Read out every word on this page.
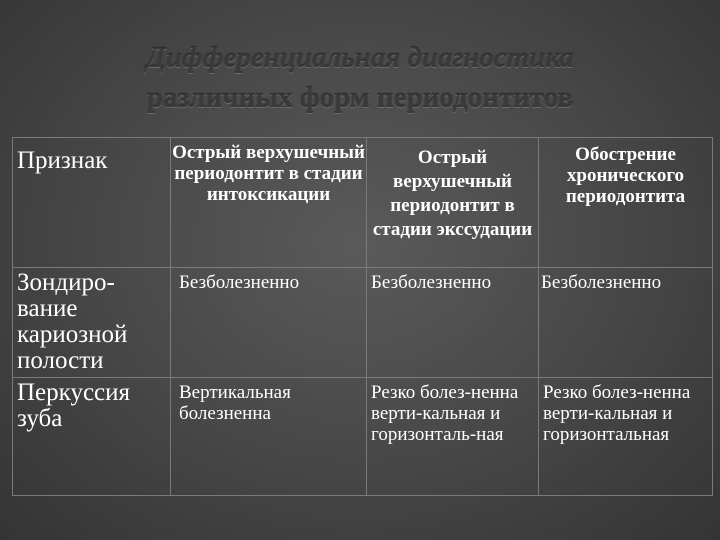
Дифференциальная диагностика
различных форм периодонтитов
Признак	Острый верхушечный периодонтит в стадии интоксикации	Острый верхушечный периодонтит в стадии экссудации	Обострение хронического периодонтита
Зондиро-вание кариозной полости	Безболезненно	Безболезненно	Безболезненно
Перкуссия зуба	Вертикальная болезненна	Резко болез-ненна верти-кальная и горизонталь-ная	Резко болез-ненна верти-кальная и горизонтальная
